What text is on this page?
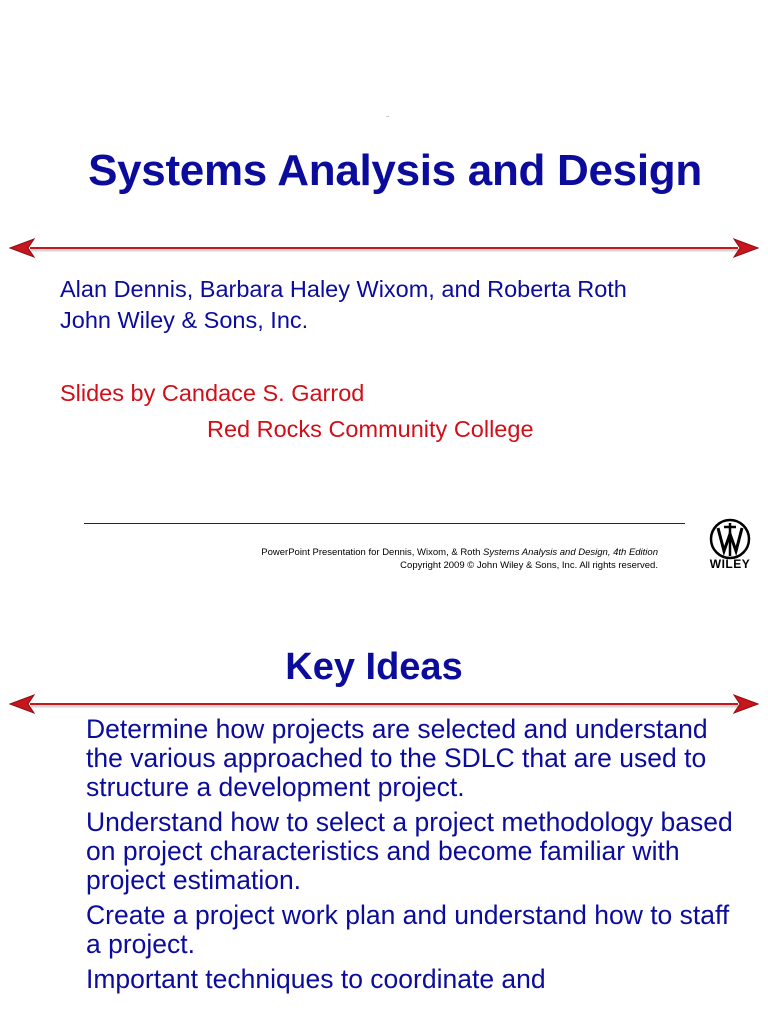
Systems Analysis and Design
Alan Dennis, Barbara Haley Wixom, and Roberta Roth
John Wiley & Sons, Inc.
Slides by Candace S. Garrod
Red Rocks Community College
PowerPoint Presentation for Dennis, Wixom, & Roth Systems Analysis and Design, 4th Edition
Copyright 2009 © John Wiley & Sons, Inc. All rights reserved.	WILEY
Key Ideas
Determine how projects are selected and understand the various approached to the SDLC that are used to structure a development project.
Understand how to select a project methodology based on project characteristics and become familiar with project estimation.
Create a project work plan and understand how to staff a project.
Important techniques to coordinate and
